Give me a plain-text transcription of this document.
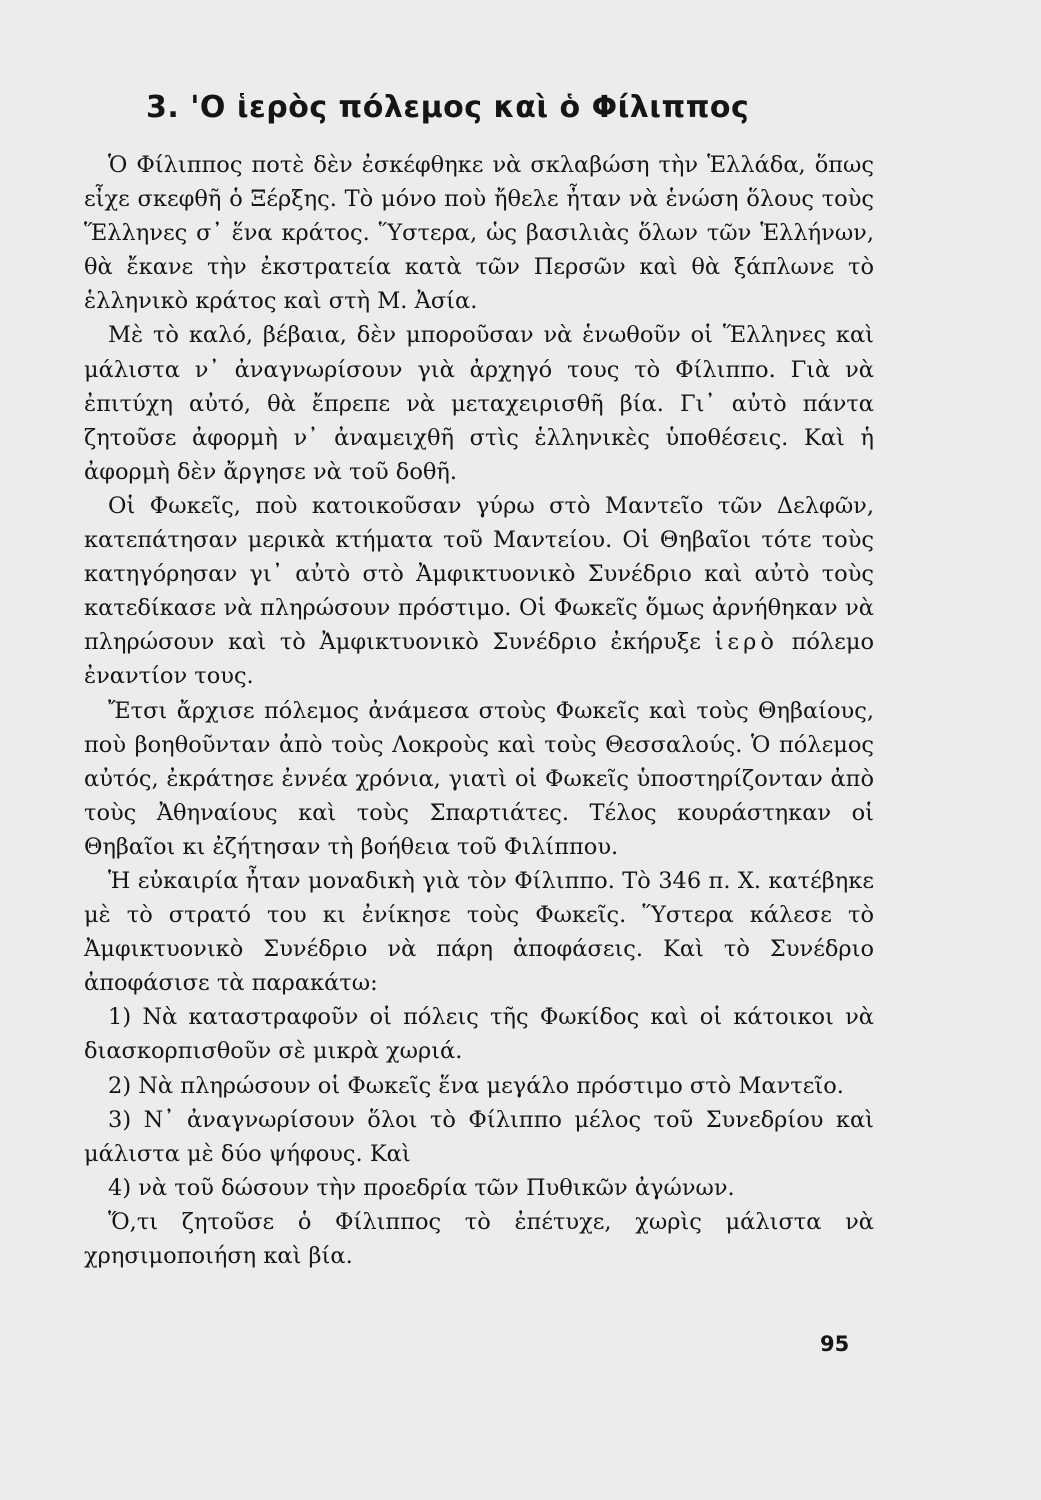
3. 'Ο ἱερὸς πόλεμος καὶ ὁ Φίλιππος

Ὁ Φίλιππος ποτὲ δὲν ἐσκέφθηκε νὰ σκλαβώση τὴν Ἑλλάδα, ὅπως εἶχε σκεφθῆ ὁ Ξέρξης. Τὸ μόνο ποὺ ἤθελε ἦταν νὰ ἑνώση ὅλους τοὺς Ἕλληνες σ᾽ ἕνα κράτος. Ὕστερα, ὡς βασιλιὰς ὅλων τῶν Ἑλλήνων, θὰ ἔκανε τὴν ἐκστρατεία κατὰ τῶν Περσῶν καὶ θὰ ξάπλωνε τὸ ἑλληνικὸ κράτος καὶ στὴ Μ. Ἀσία.

Μὲ τὸ καλό, βέβαια, δὲν μποροῦσαν νὰ ἑνωθοῦν οἱ Ἕλληνες καὶ μάλιστα ν᾽ ἀναγνωρίσουν γιὰ ἀρχηγό τους τὸ Φίλιππο. Γιὰ νὰ ἐπιτύχη αὐτό, θὰ ἔπρεπε νὰ μεταχειρισθῆ βία. Γι᾽ αὐτὸ πάντα ζητοῦσε ἀφορμὴ ν᾽ ἀναμειχθῆ στὶς ἑλληνικὲς ὑποθέσεις. Καὶ ἡ ἀφορμὴ δὲν ἄργησε νὰ τοῦ δοθῆ.

Οἱ Φωκεῖς, ποὺ κατοικοῦσαν γύρω στὸ Μαντεῖο τῶν Δελφῶν, κατεπάτησαν μερικὰ κτήματα τοῦ Μαντείου. Οἱ Θηβαῖοι τότε τοὺς κατηγόρησαν γι᾽ αὐτὸ στὸ Ἀμφικτυονικὸ Συνέδριο καὶ αὐτὸ τοὺς κατεδίκασε νὰ πληρώσουν πρόστιμο. Οἱ Φωκεῖς ὅμως ἀρνήθηκαν νὰ πληρώσουν καὶ τὸ Ἀμφικτυονικὸ Συνέδριο ἐκήρυξε ἱερὸ πόλεμο ἐναντίον τους.

Ἔτσι ἄρχισε πόλεμος ἀνάμεσα στοὺς Φωκεῖς καὶ τοὺς Θηβαίους, ποὺ βοηθοῦνταν ἀπὸ τοὺς Λοκροὺς καὶ τοὺς Θεσσαλούς. Ὁ πόλεμος αὐτός, ἐκράτησε ἐννέα χρόνια, γιατὶ οἱ Φωκεῖς ὑποστηρίζονταν ἀπὸ τοὺς Ἀθηναίους καὶ τοὺς Σπαρτιάτες. Τέλος κουράστηκαν οἱ Θηβαῖοι κι ἐζήτησαν τὴ βοήθεια τοῦ Φιλίππου.

Ἡ εὐκαιρία ἦταν μοναδικὴ γιὰ τὸν Φίλιππο. Τὸ 346 π. Χ. κατέβηκε μὲ τὸ στρατό του κι ἐνίκησε τοὺς Φωκεῖς. Ὕστερα κάλεσε τὸ Ἀμφικτυονικὸ Συνέδριο νὰ πάρη ἀποφάσεις. Καὶ τὸ Συνέδριο ἀποφάσισε τὰ παρακάτω:

1) Νὰ καταστραφοῦν οἱ πόλεις τῆς Φωκίδος καὶ οἱ κάτοικοι νὰ διασκορπισθοῦν σὲ μικρὰ χωριά.

2) Νὰ πληρώσουν οἱ Φωκεῖς ἕνα μεγάλο πρόστιμο στὸ Μαντεῖο.

3) Ν᾽ ἀναγνωρίσουν ὅλοι τὸ Φίλιππο μέλος τοῦ Συνεδρίου καὶ μάλιστα μὲ δύο ψήφους. Καὶ

4) νὰ τοῦ δώσουν τὴν προεδρία τῶν Πυθικῶν ἀγώνων.

Ὅ,τι ζητοῦσε ὁ Φίλιππος τὸ ἐπέτυχε, χωρὶς μάλιστα νὰ χρησιμοποιήση καὶ βία.

95
